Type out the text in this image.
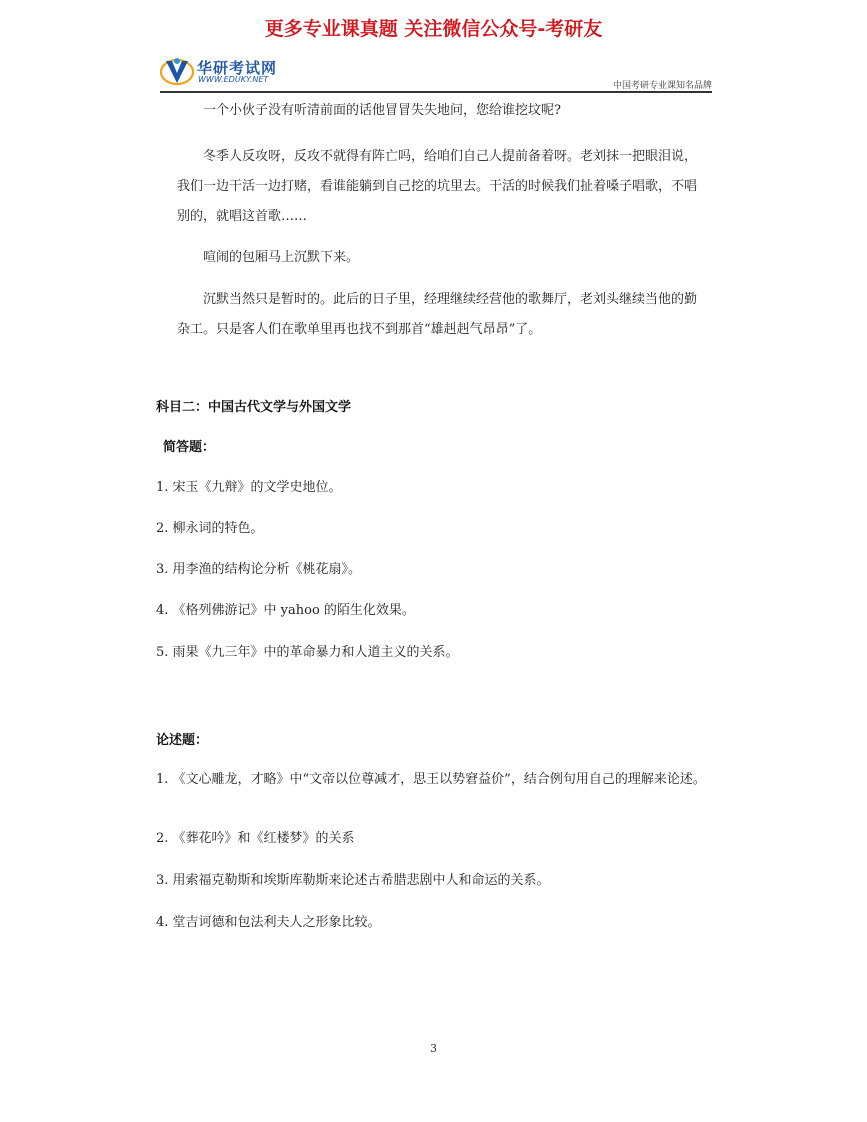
更多专业课真题 关注微信公众号-考研友
华研考试网
WWW.EDUKY.NET
中国考研专业课知名品牌

一个小伙子没有听清前面的话他冒冒失失地问，您给谁挖坟呢?

冬季人反攻呀，反攻不就得有阵亡吗，给咱们自己人提前备着呀。老刘抹一把眼泪说，我们一边干活一边打赌，看谁能躺到自己挖的坑里去。干活的时候我们扯着嗓子唱歌，不唱别的，就唱这首歌……

喧闹的包厢马上沉默下来。

沉默当然只是暂时的。此后的日子里，经理继续经营他的歌舞厅，老刘头继续当他的勤杂工。只是客人们在歌单里再也找不到那首“雄赳赳气昂昂”了。

科目二：中国古代文学与外国文学
简答题：

1. 宋玉《九辩》的文学史地位。

2. 柳永词的特色。

3. 用李渔的结构论分析《桃花扇》。

4. 《格列佛游记》中 yahoo 的陌生化效果。

5. 雨果《九三年》中的革命暴力和人道主义的关系。

论述题：

1. 《文心雕龙，才略》中“文帝以位尊减才，思王以势窘益价”，结合例句用自己的理解来论述。

2. 《葬花吟》和《红楼梦》的关系

3. 用索福克勒斯和埃斯库勒斯来论述古希腊悲剧中人和命运的关系。

4. 堂吉诃德和包法利夫人之形象比较。

3
